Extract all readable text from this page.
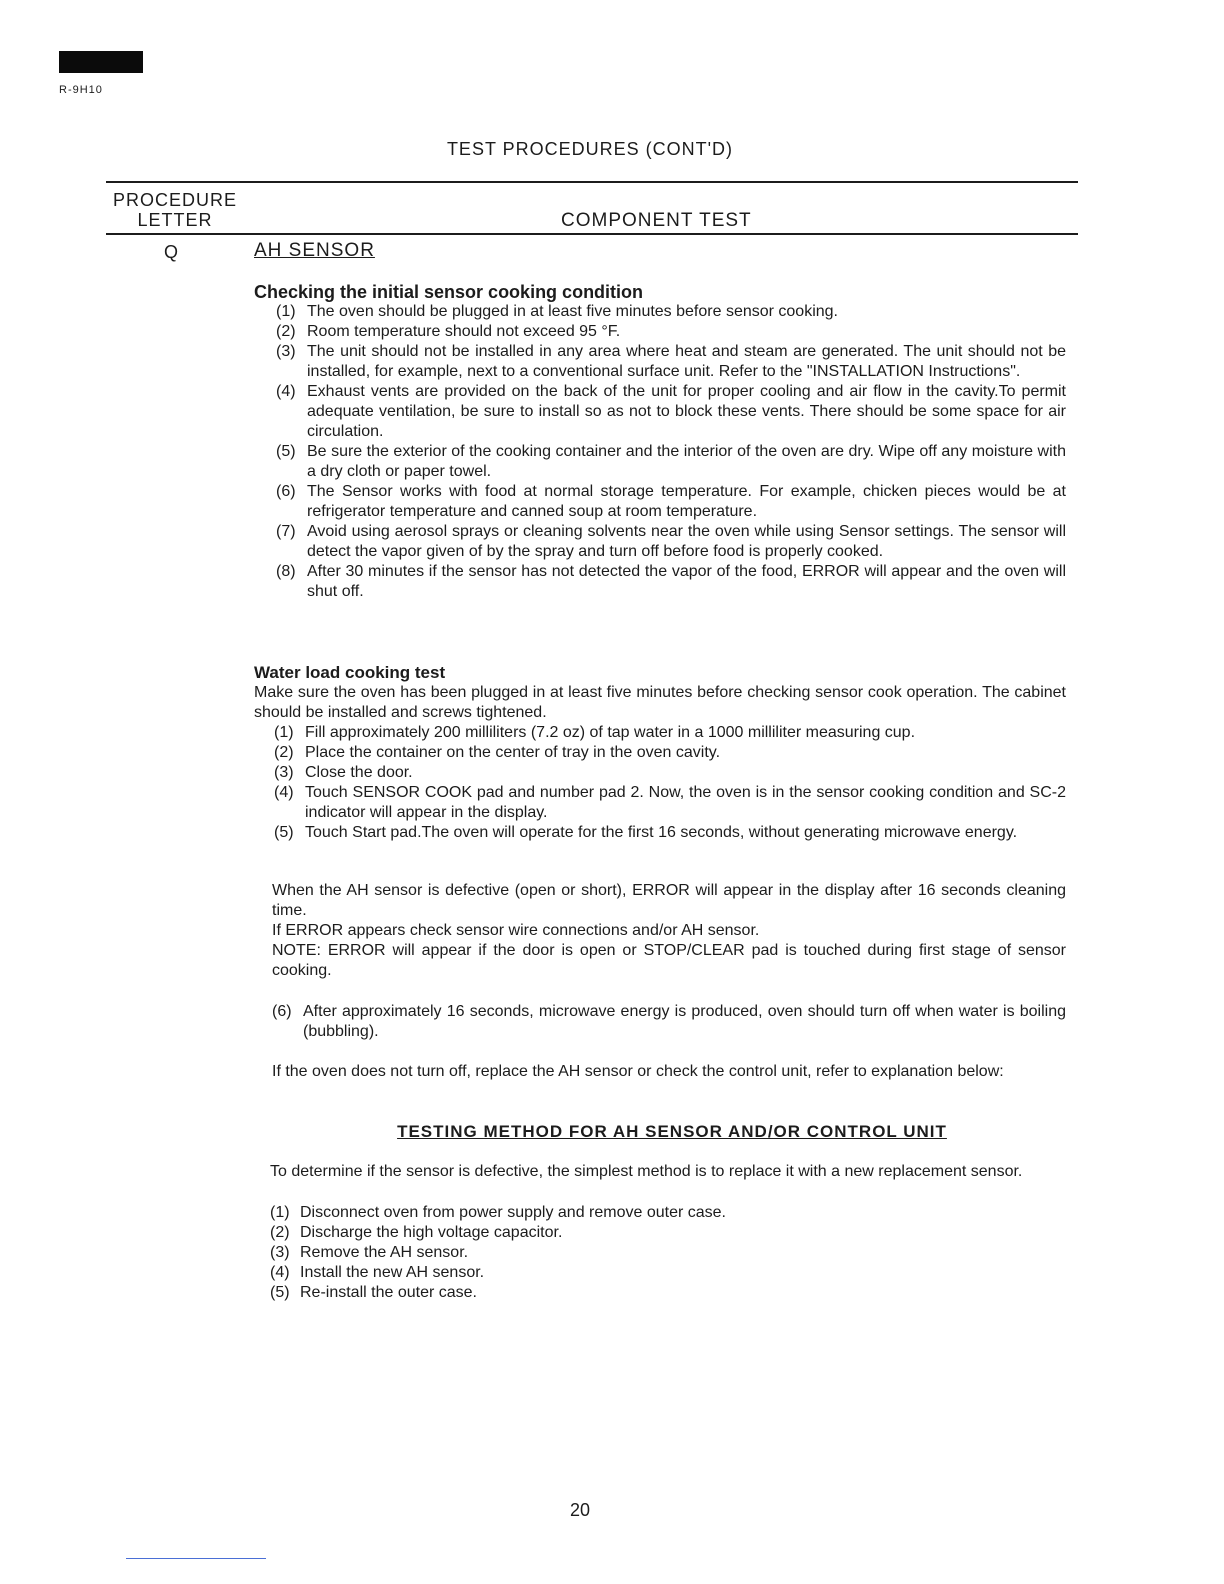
R-9H10
TEST PROCEDURES (CONT'D)
PROCEDURE
LETTER	COMPONENT TEST
Q	AH SENSOR
Checking the initial sensor cooking condition
(1) The oven should be plugged in at least five minutes before sensor cooking.
(2) Room temperature should not exceed 95 °F.
(3) The unit should not be installed in any area where heat and steam are generated. The unit should not be installed, for example, next to a conventional surface unit. Refer to the "INSTALLATION Instructions".
(4) Exhaust vents are provided on the back of the unit for proper cooling and air flow in the cavity.To permit adequate ventilation, be sure to install so as not to block these vents. There should be some space for air circulation.
(5) Be sure the exterior of the cooking container and the interior of the oven are dry. Wipe off any moisture with a dry cloth or paper towel.
(6) The Sensor works with food at normal storage temperature. For example, chicken pieces would be at refrigerator temperature and canned soup at room temperature.
(7) Avoid using aerosol sprays or cleaning solvents near the oven while using Sensor settings. The sensor will detect the vapor given of by the spray and turn off before food is properly cooked.
(8) After 30 minutes if the sensor has not detected the vapor of the food, ERROR will appear and the oven will shut off.
Water load cooking test
Make sure the oven has been plugged in at least five minutes before checking sensor cook operation. The cabinet should be installed and screws tightened.
(1) Fill approximately 200 milliliters (7.2 oz) of tap water in a 1000 milliliter measuring cup.
(2) Place the container on the center of tray in the oven cavity.
(3) Close the door.
(4) Touch SENSOR COOK pad and number pad 2. Now, the oven is in the sensor cooking condition and SC-2 indicator will appear in the display.
(5) Touch Start pad.The oven will operate for the first 16 seconds, without generating microwave energy.
When the AH sensor is defective (open or short), ERROR will appear in the display after 16 seconds cleaning time.
If ERROR appears check sensor wire connections and/or AH sensor.
NOTE: ERROR will appear if the door is open or STOP/CLEAR pad is touched during first stage of sensor cooking.
(6) After approximately 16 seconds, microwave energy is produced, oven should turn off when water is boiling (bubbling).
If the oven does not turn off, replace the AH sensor or check the control unit, refer to explanation below:
TESTING METHOD FOR AH SENSOR AND/OR CONTROL UNIT
To determine if the sensor is defective, the simplest method is to replace it with a new replacement sensor.
(1) Disconnect oven from power supply and remove outer case.
(2) Discharge the high voltage capacitor.
(3) Remove the AH sensor.
(4) Install the new AH sensor.
(5) Re-install the outer case.
20
